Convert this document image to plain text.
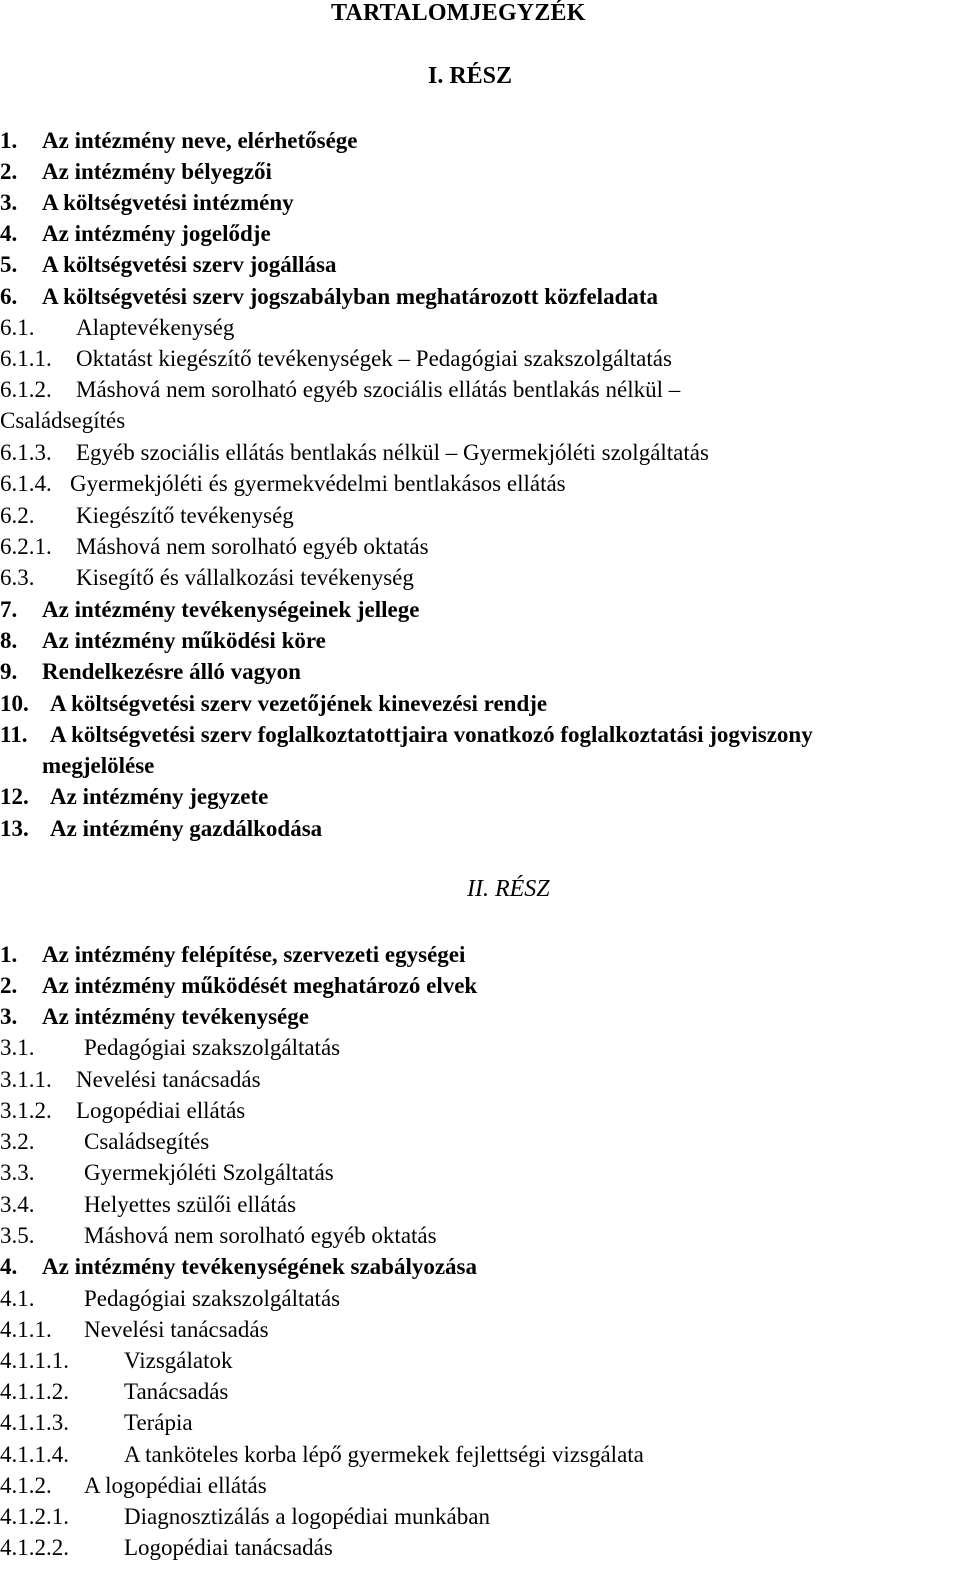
TARTALOMJEGYZÉK
I. RÉSZ
1. Az intézmény neve, elérhetősége
2. Az intézmény bélyegzői
3. A költségvetési intézmény
4. Az intézmény jogelődje
5. A költségvetési szerv jogállása
6. A költségvetési szerv jogszabályban meghatározott közfeladata
6.1. Alaptevékenység
6.1.1. Oktatást kiegészítő tevékenységek – Pedagógiai szakszolgáltatás
6.1.2. Máshová nem sorolható egyéb szociális ellátás bentlakás nélkül –
Családsegítés
6.1.3. Egyéb szociális ellátás bentlakás nélkül – Gyermekjóléti szolgáltatás
6.1.4. Gyermekjóléti és gyermekvédelmi bentlakásos ellátás
6.2. Kiegészítő tevékenység
6.2.1. Máshová nem sorolható egyéb oktatás
6.3. Kisegítő és vállalkozási tevékenység
7. Az intézmény tevékenységeinek jellege
8. Az intézmény működési köre
9. Rendelkezésre álló vagyon
10. A költségvetési szerv vezetőjének kinevezési rendje
11. A költségvetési szerv foglalkoztatottjaira vonatkozó foglalkoztatási jogviszony
megjelölése
12. Az intézmény jegyzete
13. Az intézmény gazdálkodása
II. RÉSZ
1. Az intézmény felépítése, szervezeti egységei
2. Az intézmény működését meghatározó elvek
3. Az intézmény tevékenysége
3.1. Pedagógiai szakszolgáltatás
3.1.1. Nevelési tanácsadás
3.1.2. Logopédiai ellátás
3.2. Családsegítés
3.3. Gyermekjóléti Szolgáltatás
3.4. Helyettes szülői ellátás
3.5. Máshová nem sorolható egyéb oktatás
4. Az intézmény tevékenységének szabályozása
4.1. Pedagógiai szakszolgáltatás
4.1.1. Nevelési tanácsadás
4.1.1.1. Vizsgálatok
4.1.1.2. Tanácsadás
4.1.1.3. Terápia
4.1.1.4. A tanköteles korba lépő gyermekek fejlettségi vizsgálata
4.1.2. A logopédiai ellátás
4.1.2.1. Diagnosztizálás a logopédiai munkában
4.1.2.2. Logopédiai tanácsadás
